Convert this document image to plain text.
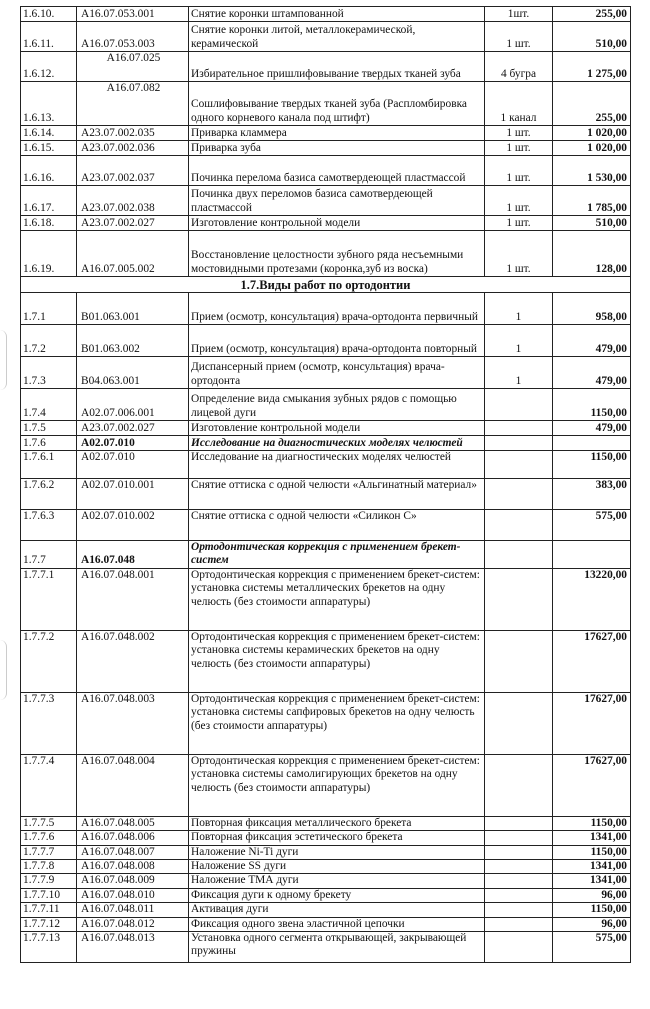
1.6.10.	А16.07.053.001	Снятие коронки штампованной	1шт.	255,00
1.6.11.	А16.07.053.003	Снятие коронки литой, металлокерамической, керамической	1 шт.	510,00
1.6.12.	А16.07.025	Избирательное пришлифовывание твердых тканей зуба	4 бугра	1 275,00
1.6.13.	А16.07.082	Сошлифовывание твердых тканей зуба (Распломбировка одного корневого канала под штифт)	1 канал	255,00
1.6.14.	А23.07.002.035	Приварка кламмера	1 шт.	1 020,00
1.6.15.	А23.07.002.036	Приварка зуба	1 шт.	1 020,00
1.6.16.	А23.07.002.037	Починка перелома базиса самотвердеющей пластмассой	1 шт.	1 530,00
1.6.17.	А23.07.002.038	Починка двух переломов базиса самотвердеющей пластмассой	1 шт.	1 785,00
1.6.18.	А23.07.002.027	Изготовление контрольной модели	1 шт.	510,00
1.6.19.	А16.07.005.002	Восстановление целостности зубного ряда несъемными мостовидными протезами (коронка,зуб из воска)	1 шт.	128,00
1.7.Виды работ по ортодонтии				
1.7.1	В01.063.001	Прием (осмотр, консультация) врача-ортодонта первичный	1	958,00
1.7.2	В01.063.002	Прием (осмотр, консультация) врача-ортодонта повторный	1	479,00
1.7.3	В04.063.001	Диспансерный прием (осмотр, консультация) врача-ортодонта	1	479,00
1.7.4	А02.07.006.001	Определение вида смыкания зубных рядов с помощью лицевой дуги		1150,00
1.7.5	А23.07.002.027	Изготовление контрольной модели		479,00
1.7.6	А02.07.010	Исследование на диагностических моделях челюстей		
1.7.6.1	А02.07.010	Исследование на диагностических моделях челюстей		1150,00
1.7.6.2	А02.07.010.001	Снятие оттиска с одной челюсти «Альгинатный материал»		383,00
1.7.6.3	А02.07.010.002	Снятие оттиска с одной челюсти «Силикон С»		575,00
1.7.7	А16.07.048	Ортодонтическая коррекция с применением брекет-систем		
1.7.7.1	А16.07.048.001	Ортодонтическая коррекция с применением брекет-систем: установка системы металлических брекетов на одну челюсть (без стоимости аппаратуры)		13220,00
1.7.7.2	А16.07.048.002	Ортодонтическая коррекция с применением брекет-систем: установка системы керамических брекетов на одну челюсть (без стоимости аппаратуры)		17627,00
1.7.7.3	А16.07.048.003	Ортодонтическая коррекция с применением брекет-систем: установка системы сапфировых брекетов на одну челюсть (без стоимости аппаратуры)		17627,00
1.7.7.4	А16.07.048.004	Ортодонтическая коррекция с применением брекет-систем: установка системы самолигирующих брекетов на одну челюсть (без стоимости аппаратуры)		17627,00
1.7.7.5	А16.07.048.005	Повторная фиксация металлического брекета		1150,00
1.7.7.6	А16.07.048.006	Повторная фиксация эстетического брекета		1341,00
1.7.7.7	А16.07.048.007	Наложение Ni-Ti дуги		1150,00
1.7.7.8	А16.07.048.008	Наложение SS дуги		1341,00
1.7.7.9	А16.07.048.009	Наложение ТМА дуги		1341,00
1.7.7.10	А16.07.048.010	Фиксация дуги к одному брекету		96,00
1.7.7.11	А16.07.048.011	Активация дуги		1150,00
1.7.7.12	А16.07.048.012	Фиксация одного звена эластичной цепочки		96,00
1.7.7.13	А16.07.048.013	Установка одного сегмента открывающей, закрывающей пружины		575,00
